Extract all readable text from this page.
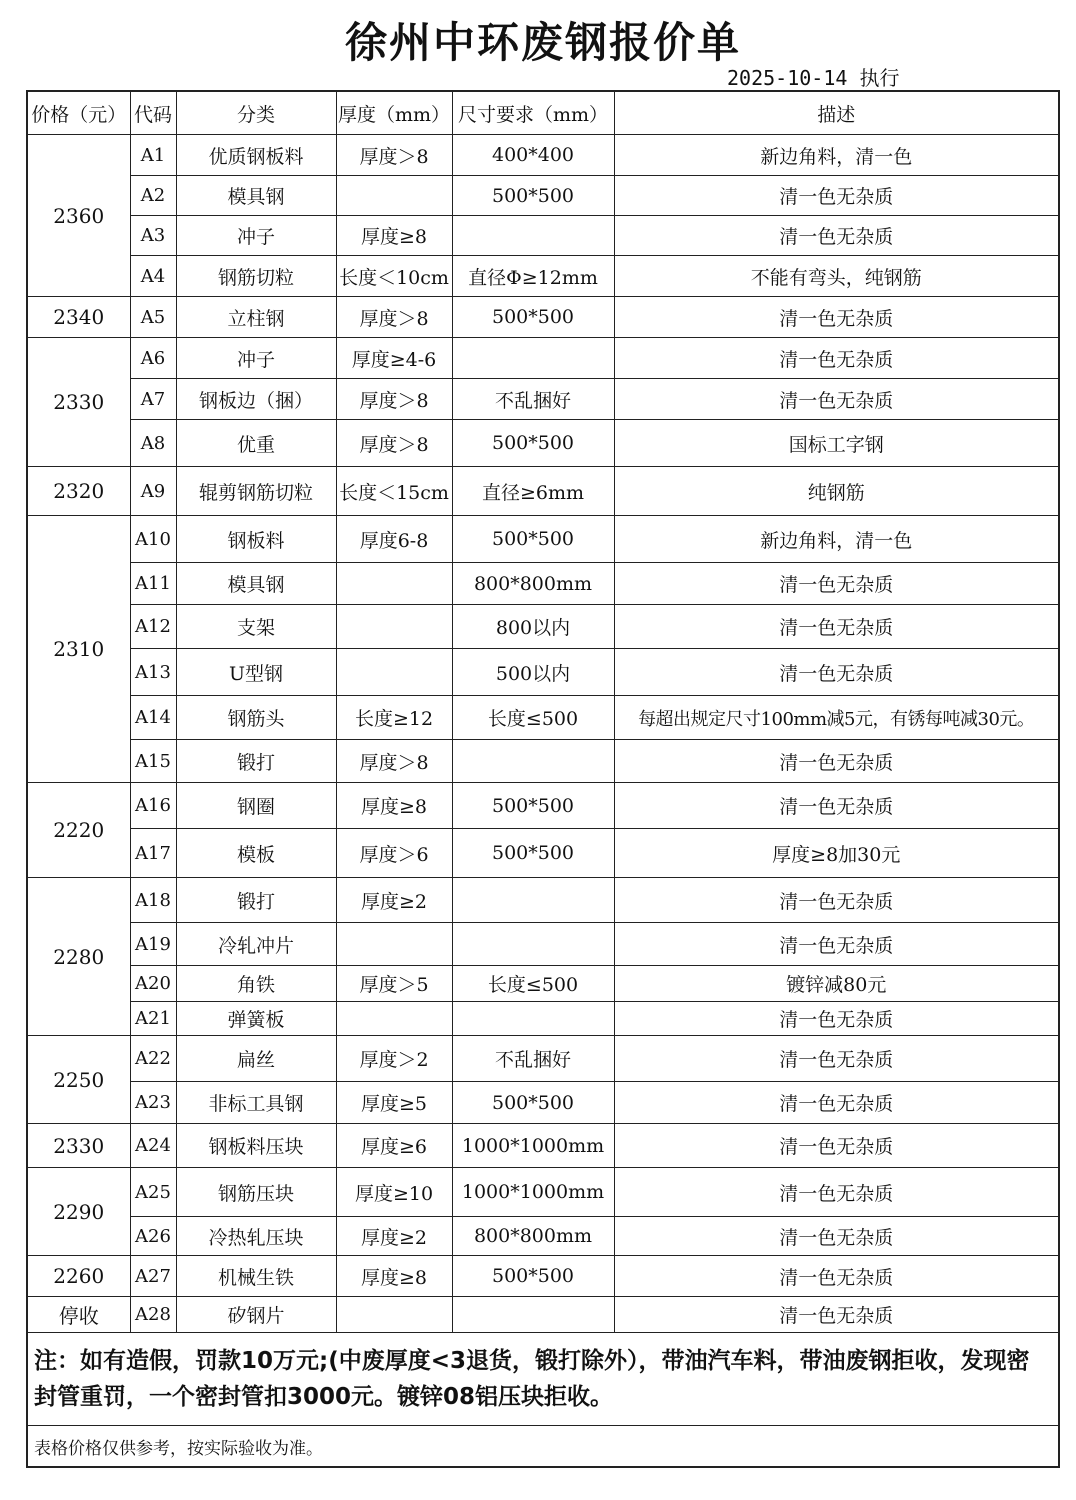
徐州中环废钢报价单
2025-10-14 执行
价格（元）	代码	分类	厚度（mm）	尺寸要求（mm）	描述
2360	A1	优质钢板料	厚度＞8	400*400	新边角料，清一色
	A2	模具钢		500*500	清一色无杂质
	A3	冲子	厚度≥8		清一色无杂质
	A4	钢筋切粒	长度＜10cm	直径Φ≥12mm	不能有弯头，纯钢筋
2340	A5	立柱钢	厚度＞8	500*500	清一色无杂质
2330	A6	冲子	厚度≥4-6		清一色无杂质
	A7	钢板边（捆）	厚度＞8	不乱捆好	清一色无杂质
	A8	优重	厚度＞8	500*500	国标工字钢
2320	A9	辊剪钢筋切粒	长度＜15cm	直径≥6mm	纯钢筋
2310	A10	钢板料	厚度6-8	500*500	新边角料，清一色
	A11	模具钢		800*800mm	清一色无杂质
	A12	支架		800以内	清一色无杂质
	A13	U型钢		500以内	清一色无杂质
	A14	钢筋头	长度≥12	长度≤500	每超出规定尺寸100mm减5元，有锈每吨减30元。
	A15	锻打	厚度＞8		清一色无杂质
2220	A16	钢圈	厚度≥8	500*500	清一色无杂质
	A17	模板	厚度＞6	500*500	厚度≥8加30元
2280	A18	锻打	厚度≥2		清一色无杂质
	A19	冷轧冲片			清一色无杂质
	A20	角铁	厚度＞5	长度≤500	镀锌减80元
	A21	弹簧板			清一色无杂质
2250	A22	扁丝	厚度＞2	不乱捆好	清一色无杂质
	A23	非标工具钢	厚度≥5	500*500	清一色无杂质
2330	A24	钢板料压块	厚度≥6	1000*1000mm	清一色无杂质
2290	A25	钢筋压块	厚度≥10	1000*1000mm	清一色无杂质
	A26	冷热轧压块	厚度≥2	800*800mm	清一色无杂质
2260	A27	机械生铁	厚度≥8	500*500	清一色无杂质
停收	A28	矽钢片			清一色无杂质
注：如有造假，罚款10万元;(中废厚度<3退货，锻打除外），带油汽车料，带油废钢拒收，发现密封管重罚，一个密封管扣3000元。镀锌08铝压块拒收。					
表格价格仅供参考，按实际验收为准。					
